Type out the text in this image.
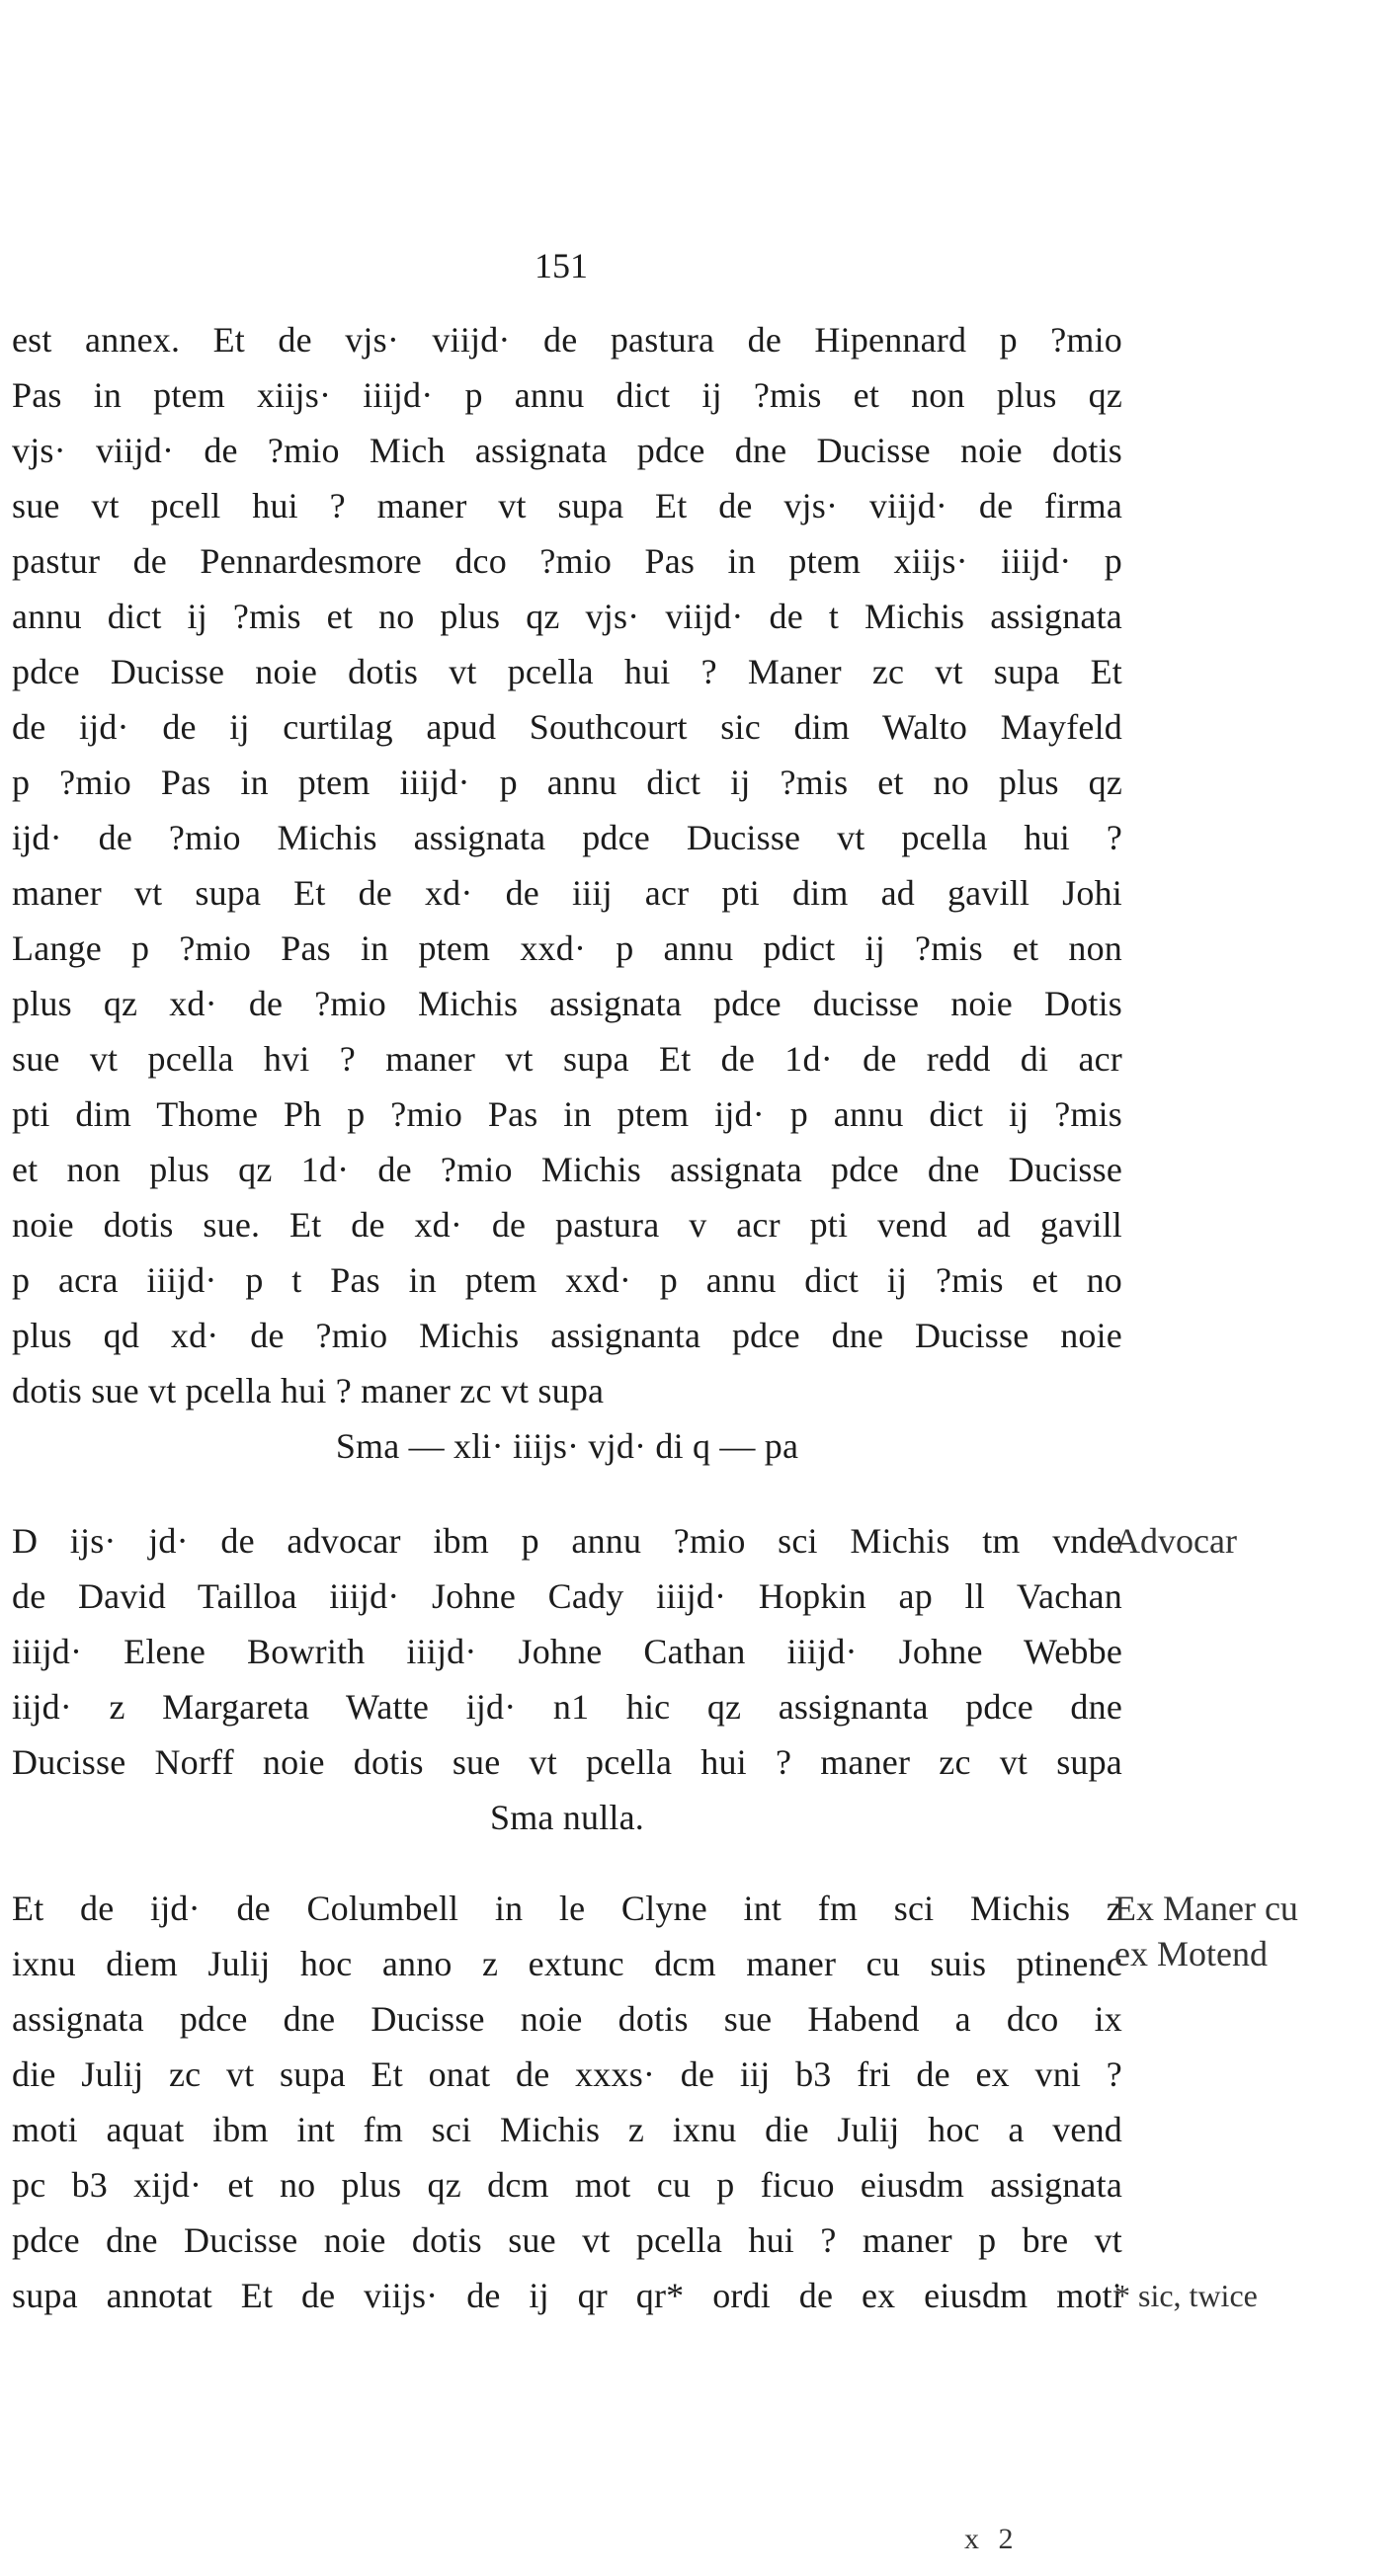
151
est annex. Et de vjs· viijd· de pastura de Hipennard p ?mio
Pas in ptem xiijs· iiijd· p annu dict ij ?mis et non plus qz
vjs· viijd· de ?mio Mich assignata pdce dne Ducisse noie dotis
sue vt pcell hui ? maner vt supa Et de vjs· viijd· de firma
pastur de Pennardesmore dco ?mio Pas in ptem xiijs· iiijd· p
annu dict ij ?mis et no plus qz vjs· viijd· de t Michis assignata
pdce Ducisse noie dotis vt pcella hui ? Maner zc vt supa Et
de ijd· de ij curtilag apud Southcourt sic dim Walto Mayfeld
p ?mio Pas in ptem iiijd· p annu dict ij ?mis et no plus qz
ijd· de ?mio Michis assignata pdce Ducisse vt pcella hui ?
maner vt supa Et de xd· de iiij acr pti dim ad gavill Johi
Lange p ?mio Pas in ptem xxd· p annu pdict ij ?mis et non
plus qz xd· de ?mio Michis assignata pdce ducisse noie Dotis
sue vt pcella hvi ? maner vt supa Et de 1d· de redd di acr
pti dim Thome Ph p ?mio Pas in ptem ijd· p annu dict ij ?mis
et non plus qz 1d· de ?mio Michis assignata pdce dne Ducisse
noie dotis sue. Et de xd· de pastura v acr pti vend ad gavill
p acra iiijd· p t Pas in ptem xxd· p annu dict ij ?mis et no
plus qd xd· de ?mio Michis assignanta pdce dne Ducisse noie
dotis sue vt pcella hui ? maner zc vt supa
Sma — xli· iiijs· vjd· di q — pa
D ijs· jd· de advocar ibm p annu ?mio sci Michis tm vnde
de David Tailloa iiijd· Johne Cady iiijd· Hopkin ap ll Vachan
iiijd· Elene Bowrith iiijd· Johne Cathan iiijd· Johne Webbe
iijd· z Margareta Watte ijd· n1 hic qz assignanta pdce dne
Ducisse Norff noie dotis sue vt pcella hui ? maner zc vt supa
Sma nulla.
Et de ijd· de Columbell in le Clyne int fm sci Michis z
ixnu diem Julij hoc anno z extunc dcm maner cu suis ptinenc
assignata pdce dne Ducisse noie dotis sue Habend a dco ix
die Julij zc vt supa Et onat de xxxs· de iij b3 fri de ex vni ?
moti aquat ibm int fm sci Michis z ixnu die Julij hoc a vend
pc b3 xijd· et no plus qz dcm mot cu p ficuo eiusdm assignata
pdce dne Ducisse noie dotis sue vt pcella hui ? maner p bre vt
supa annotat Et de viijs· de ij qr qr* ordi de ex eiusdm moti
Advocar
Ex Maner cu
ex Motend
* sic, twice
x 2
